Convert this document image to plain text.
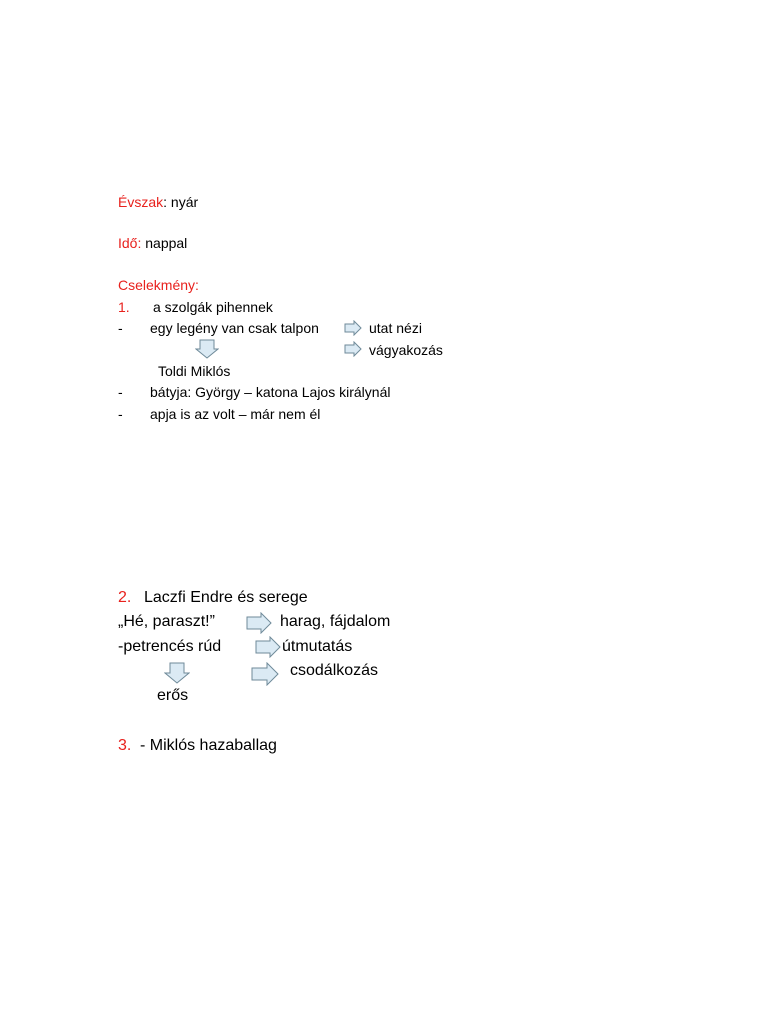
Évszak: nyár
Idő: nappal
Cselekmény:
1. a szolgák pihennek
- egy legény van csak talpon	utat nézi
vágyakozás
Toldi Miklós
- bátyja: György – katona Lajos királynál
- apja is az volt – már nem él
2. Laczfi Endre és serege
„Hé, paraszt!”	harag, fájdalom
-petrencés rúd	útmutatás
csodálkozás
erős
3. - Miklós hazaballag
